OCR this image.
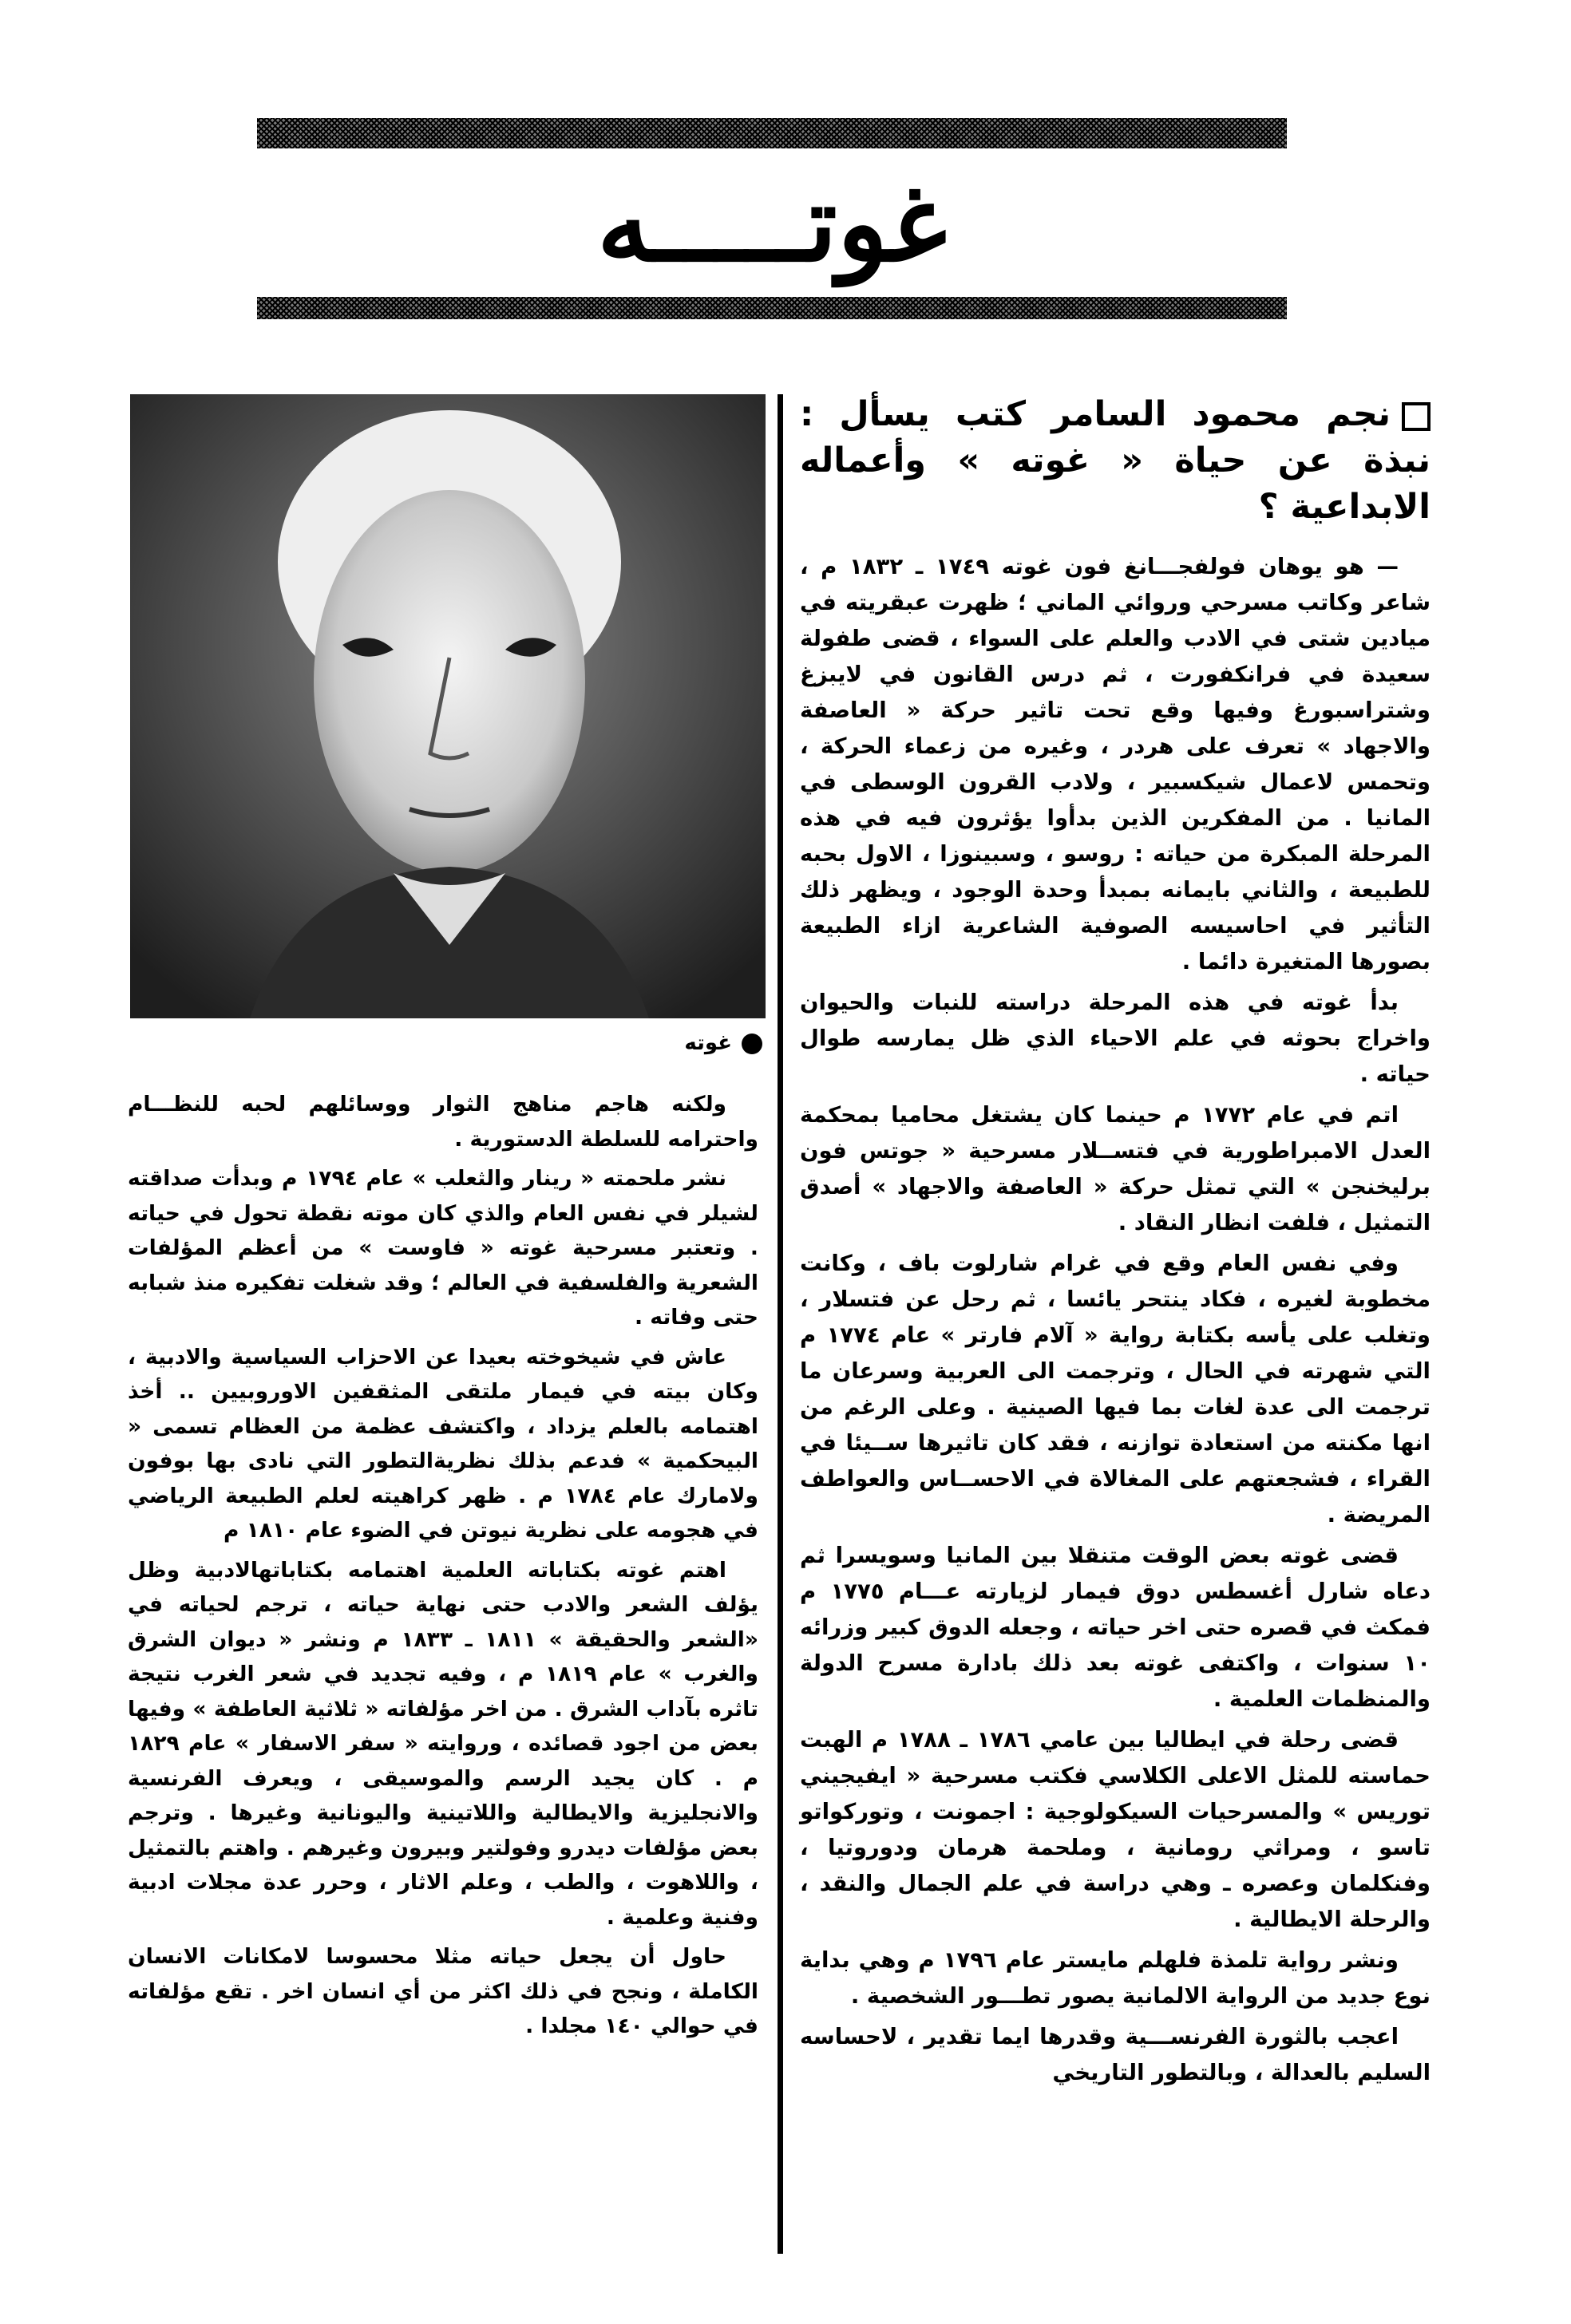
غوتـــــه
نجم محمود السامر كتب يسأل : نبذة عن حياة « غوته » وأعماله الابداعية ؟

— هو يوهان فولفجـــانغ فون غوته ١٧٤٩ ـ ١٨٣٢ م ، شاعر وكاتب مسرحي وروائي الماني ؛ ظهرت عبقريته في ميادين شتى في الادب والعلم على السواء ، قضى طفولة سعيدة في فرانكفورت ، ثم درس القانون في لايبزغ وشتراسبورغ وفيها وقع تحت تاثير حركة « العاصفة والاجهاد » تعرف على هردر ، وغيره من زعماء الحركة ، وتحمس لاعمال شيكسبير ، ولادب القرون الوسطى في المانيا . من المفكرين الذين بدأوا يؤثرون فيه في هذه المرحلة المبكرة من حياته : روسو ، وسبينوزا ، الاول بحبه للطبيعة ، والثاني بايمانه بمبدأ وحدة الوجود ، ويظهر ذلك التأثير في احاسيسه الصوفية الشاعرية ازاء الطبيعة بصورها المتغيرة دائما .

بدأ غوته في هذه المرحلة دراسته للنبات والحيوان واخراج بحوثه في علم الاحياء الذي ظل يمارسه طوال حياته .

اتم في عام ١٧٧٢ م حينما كان يشتغل محاميا بمحكمة العدل الامبراطورية في فتســلار مسرحية « جوتس فون برليخنجن » التي تمثل حركة « العاصفة والاجهاد » أصدق التمثيل ، فلفت انظار النقاد .

وفي نفس العام وقع في غرام شارلوت باف ، وكانت مخطوبة لغيره ، فكاد ينتحر يائسا ، ثم رحل عن فتسلار ، وتغلب على يأسه بكتابة رواية « آلام فارتر » عام ١٧٧٤ م التي شهرته في الحال ، وترجمت الى العربية وسرعان ما ترجمت الى عدة لغات بما فيها الصينية . وعلى الرغم من انها مكنته من استعادة توازنه ، فقد كان تاثيرها ســيئا في القراء ، فشجعتهم على المغالاة في الاحســاس والعواطف المريضة .

قضى غوته بعض الوقت متنقلا بين المانيا وسويسرا ثم دعاه شارل أغسطس دوق فيمار لزيارته عـــام ١٧٧٥ م فمكث في قصره حتى اخر حياته ، وجعله الدوق كبير وزرائه ١٠ سنوات ، واكتفى غوته بعد ذلك بادارة مسرح الدولة والمنظمات العلمية .

قضى رحلة في ايطاليا بين عامي ١٧٨٦ ـ ١٧٨٨ م الهبت حماسته للمثل الاعلى الكلاسي فكتب مسرحية « ايفيجيني توريس » والمسرحيات السيكولوجية : اجمونت ، وتوركواتو تاسو ، ومراثي رومانية ، وملحمة هرمان ودوروتيا ، وفنكلمان وعصره ـ وهي دراسة في علم الجمال والنقد ، والرحلة الايطالية .

ونشر رواية تلمذة فلهلم مايستر عام ١٧٩٦ م وهي بداية نوع جديد من الرواية الالمانية يصور تطـــور الشخصية .

اعجب بالثورة الفرنســـية وقدرها ايما تقدير ، لاحساسه السليم بالعدالة ، وبالتطور التاريخي

غوته

ولكنه هاجم مناهج الثوار ووسائلهم لحبه للنظـــام واحترامه للسلطة الدستورية .

نشر ملحمته « رينار والثعلب » عام ١٧٩٤ م وبدأت صداقته لشيلر في نفس العام والذي كان موته نقطة تحول في حياته . وتعتبر مسرحية غوته « فاوست » من أعظم المؤلفات الشعرية والفلسفية في العالم ؛ وقد شغلت تفكيره منذ شبابه حتى وفاته .

عاش في شيخوخته بعيدا عن الاحزاب السياسية والادبية ، وكان بيته في فيمار ملتقى المثقفين الاوروبيين .. أخذ اهتمامه بالعلم يزداد ، واكتشف عظمة من العظام تسمى « البيحكمية » فدعم بذلك نظريةالتطور التي نادى بها بوفون ولامارك عام ١٧٨٤ م . ظهر كراهيته لعلم الطبيعة الرياضي في هجومه على نظرية نيوتن في الضوء عام ١٨١٠ م

اهتم غوته بكتاباته العلمية اهتمامه بكتاباتهالادبية وظل يؤلف الشعر والادب حتى نهاية حياته ، ترجم لحياته في «الشعر والحقيقة » ١٨١١ ـ ١٨٣٣ م ونشر « ديوان الشرق والغرب » عام ١٨١٩ م ، وفيه تجديد في شعر الغرب نتيجة تاثره بآداب الشرق . من اخر مؤلفاته « ثلاثية العاطفة » وفيها بعض من اجود قصائده ، وروايته « سفر الاسفار » عام ١٨٢٩ م . كان يجيد الرسم والموسيقى ، ويعرف الفرنسية والانجليزية والايطالية واللاتينية واليونانية وغيرها . وترجم بعض مؤلفات ديدرو وفولتير وبيرون وغيرهم . واهتم بالتمثيل ، واللاهوت ، والطب ، وعلم الاثار ، وحرر عدة مجلات ادبية وفنية وعلمية .

حاول أن يجعل حياته مثلا محسوسا لامكانات الانسان الكاملة ، ونجح في ذلك اكثر من أي انسان اخر . تقع مؤلفاته في حوالي ١٤٠ مجلدا .
